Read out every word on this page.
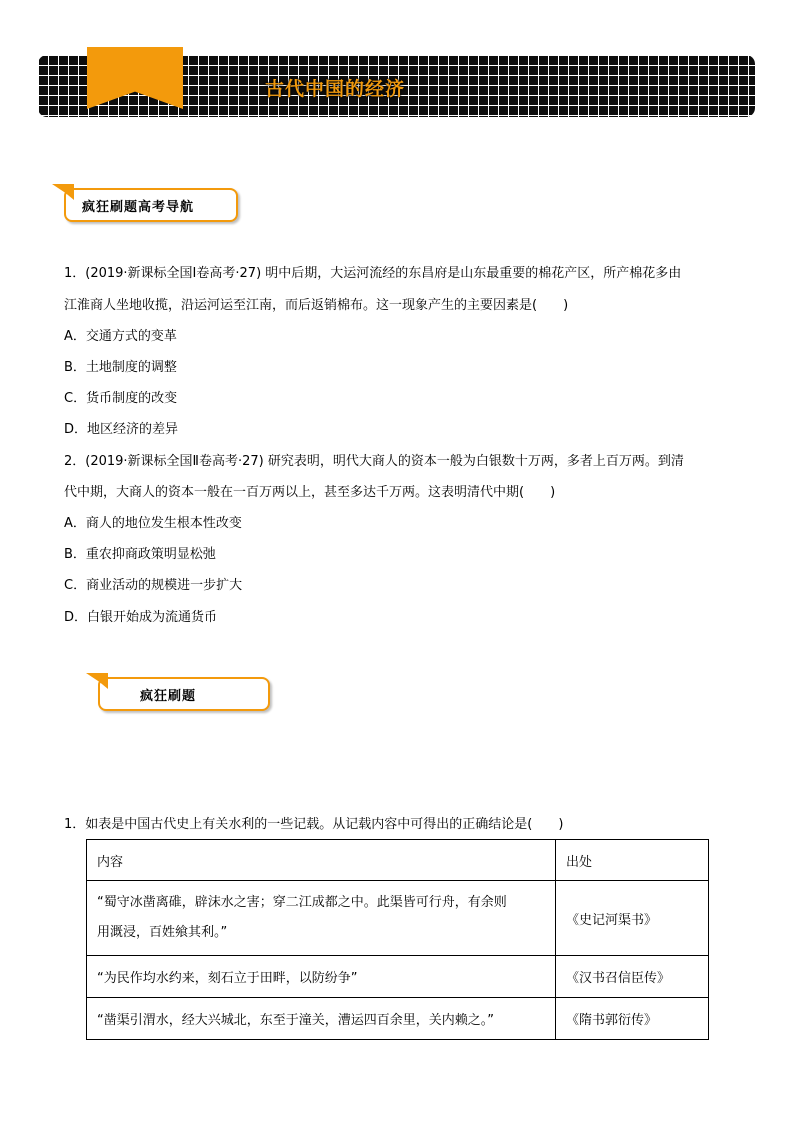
古代中国的经济
疯狂刷题高考导航
1．(2019·新课标全国Ⅰ卷高考·27) 明中后期，大运河流经的东昌府是山东最重要的棉花产区，所产棉花多由
江淮商人坐地收揽，沿运河运至江南，而后返销棉布。这一现象产生的主要因素是(　　)
A．交通方式的变革
B．土地制度的调整
C．货币制度的改变
D．地区经济的差异
2．(2019·新课标全国Ⅱ卷高考·27) 研究表明，明代大商人的资本一般为白银数十万两，多者上百万两。到清
代中期，大商人的资本一般在一百万两以上，甚至多达千万两。这表明清代中期(　　)
A．商人的地位发生根本性改变
B．重农抑商政策明显松弛
C．商业活动的规模进一步扩大
D．白银开始成为流通货币
疯狂刷题
1．如表是中国古代史上有关水利的一些记载。从记载内容中可得出的正确结论是(　　)
内容	出处

“蜀守冰凿离碓，辟沫水之害；穿二江成都之中。此渠皆可行舟，有余则
用溉浸，百姓飨其利。”	《史记河渠书》
“为民作均水约来，刻石立于田畔，以防纷争”	《汉书召信臣传》
“凿渠引渭水，经大兴城北，东至于潼关，漕运四百余里，关内赖之。”	《隋书郭衍传》
